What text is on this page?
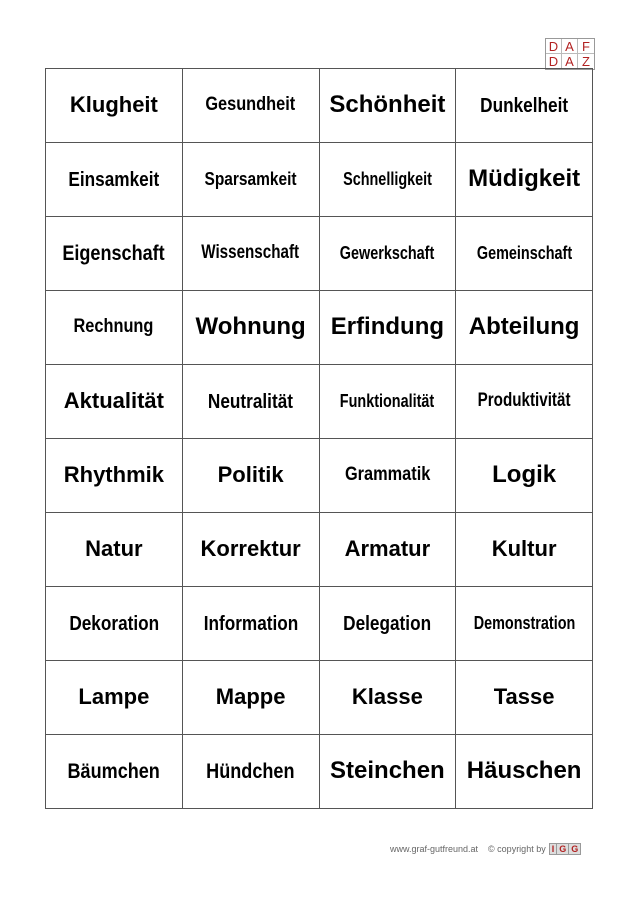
D A F
D A Z
Klugheit	Gesundheit	Schönheit	Dunkelheit
Einsamkeit	Sparsamkeit	Schnelligkeit	Müdigkeit
Eigenschaft	Wissenschaft	Gewerkschaft	Gemeinschaft
Rechnung	Wohnung	Erfindung	Abteilung
Aktualität	Neutralität	Funktionalität	Produktivität
Rhythmik	Politik	Grammatik	Logik
Natur	Korrektur	Armatur	Kultur
Dekoration	Information	Delegation	Demonstration
Lampe	Mappe	Klasse	Tasse
Bäumchen	Hündchen	Steinchen	Häuschen
www.graf-gutfreund.at © copyright by I G G
